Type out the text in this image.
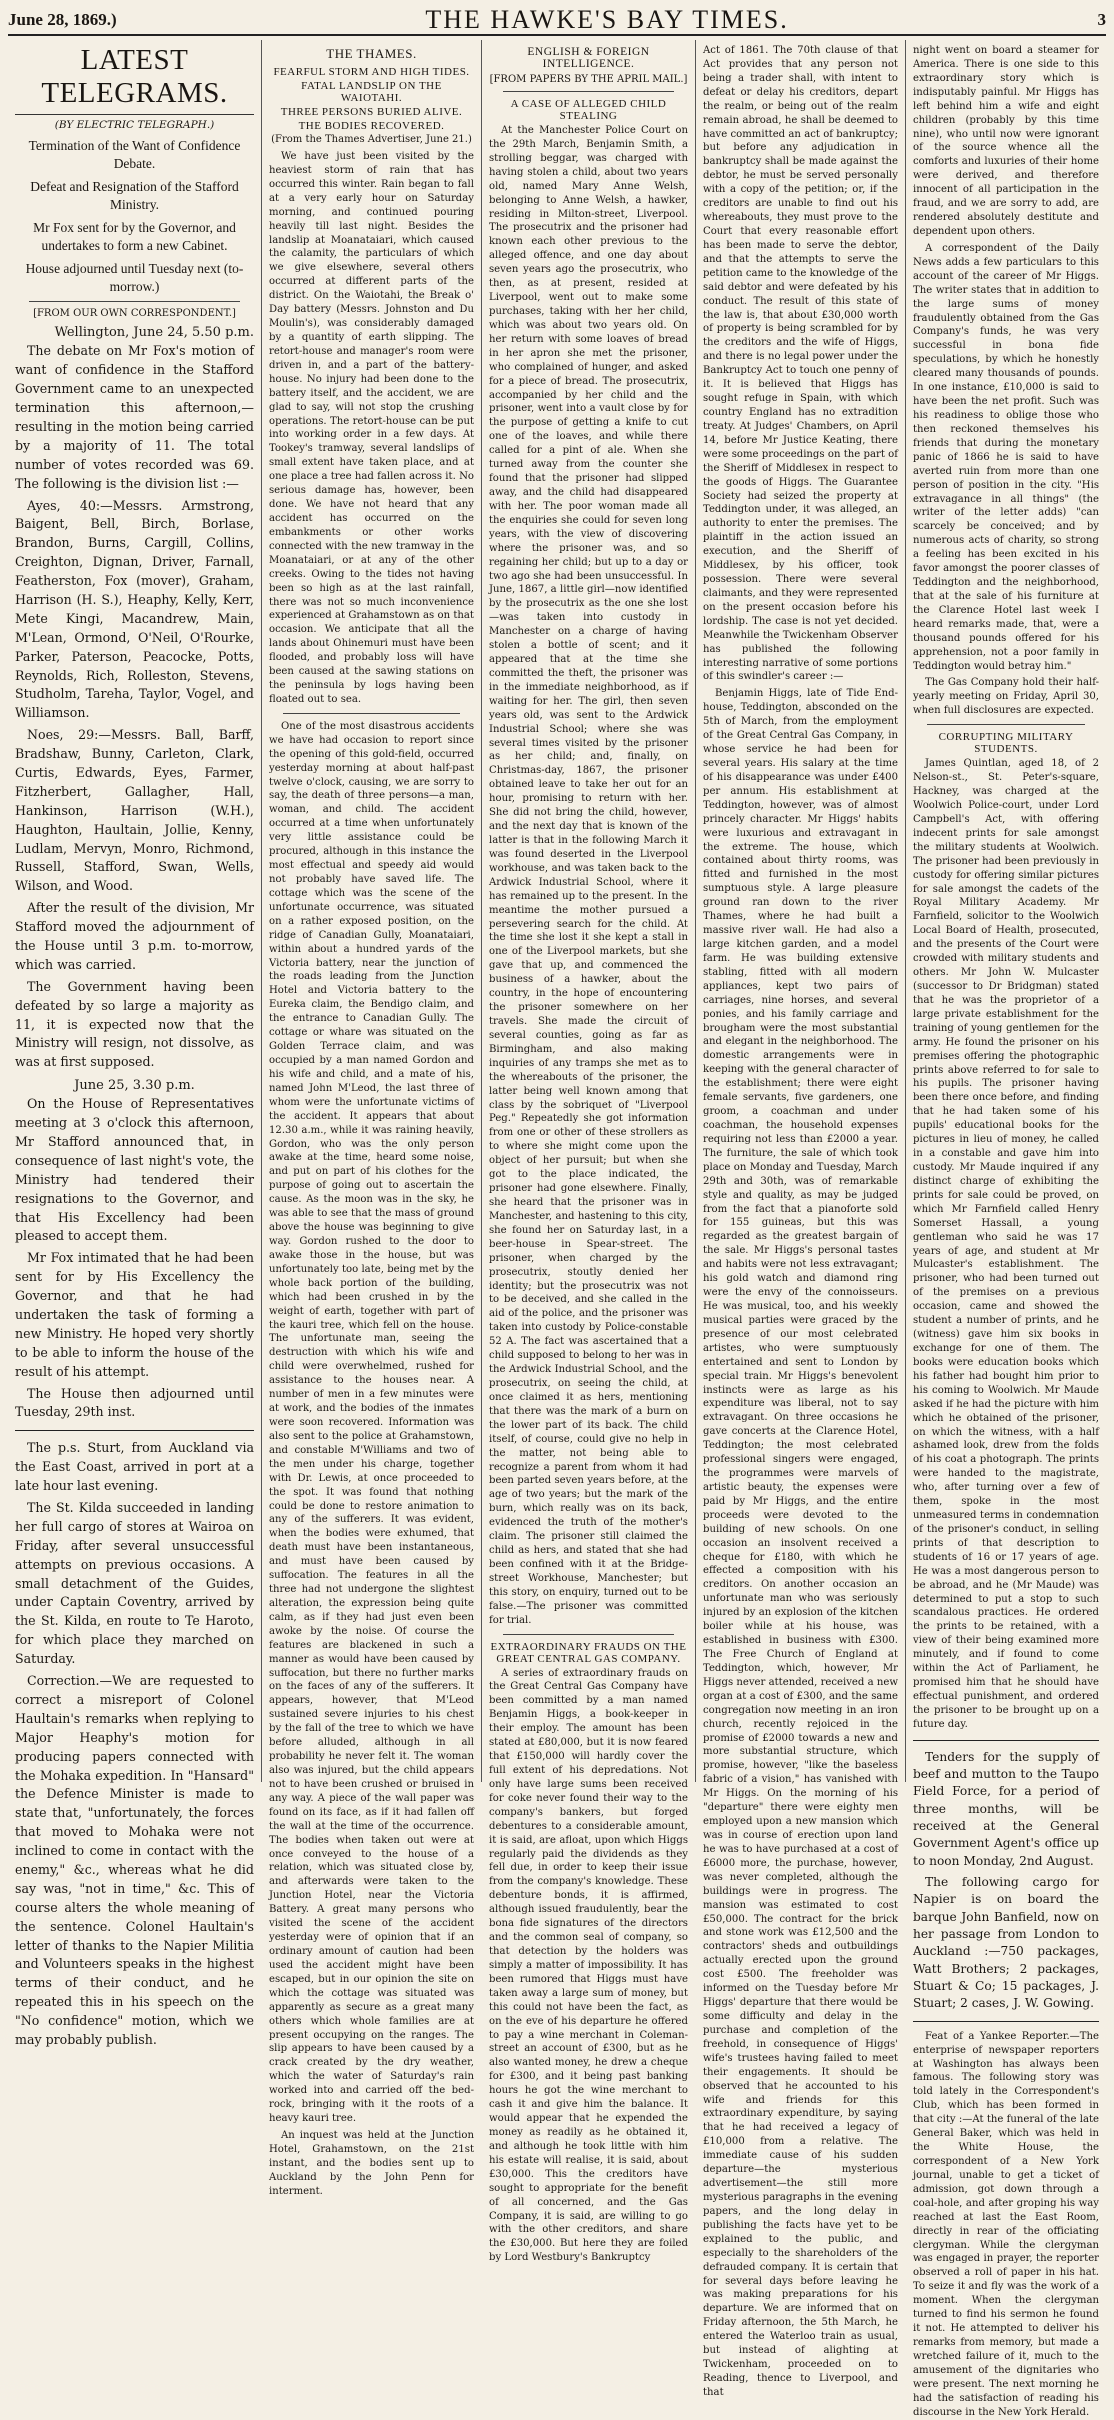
June 28, 1869.)	THE HAWKE'S BAY TIMES.	3
LATEST TELEGRAMS.
(BY ELECTRIC TELEGRAPH.)
Termination of the Want of Confidence Debate.
Defeat and Resignation of the Stafford Ministry.
Mr Fox sent for by the Governor, and undertakes to form a new Cabinet.
House adjourned until Tuesday next (to-morrow.)
[FROM OUR OWN CORRESPONDENT.]
Wellington, June 24, 5.50 p.m.

The debate on Mr Fox's motion of want of confidence in the Stafford Government came to an unexpected termination this afternoon,—resulting in the motion being carried by a majority of 11. The total number of votes recorded was 69. The following is the division list :—

Ayes, 40:—Messrs. Armstrong, Baigent, Bell, Birch, Borlase, Brandon, Burns, Cargill, Collins, Creighton, Dignan, Driver, Farnall, Featherston, Fox (mover), Graham, Harrison (H. S.), Heaphy, Kelly, Kerr, Mete Kingi, Macandrew, Main, M'Lean, Ormond, O'Neil, O'Rourke, Parker, Paterson, Peacocke, Potts, Reynolds, Rich, Rolleston, Stevens, Studholm, Tareha, Taylor, Vogel, and Williamson.

Noes, 29:—Messrs. Ball, Barff, Bradshaw, Bunny, Carleton, Clark, Curtis, Edwards, Eyes, Farmer, Fitzherbert, Gallagher, Hall, Hankinson, Harrison (W.H.), Haughton, Haultain, Jollie, Kenny, Ludlam, Mervyn, Monro, Richmond, Russell, Stafford, Swan, Wells, Wilson, and Wood.

After the result of the division, Mr Stafford moved the adjournment of the House until 3 p.m. to-morrow, which was carried.

The Government having been defeated by so large a majority as 11, it is expected now that the Ministry will resign, not dissolve, as was at first supposed.

June 25, 3.30 p.m.

On the House of Representatives meeting at 3 o'clock this afternoon, Mr Stafford announced that, in consequence of last night's vote, the Ministry had tendered their resignations to the Governor, and that His Excellency had been pleased to accept them.

Mr Fox intimated that he had been sent for by His Excellency the Governor, and that he had undertaken the task of forming a new Ministry. He hoped very shortly to be able to inform the house of the result of his attempt.

The House then adjourned until Tuesday, 29th inst.

The p.s. Sturt, from Auckland via the East Coast, arrived in port at a late hour last evening.

The St. Kilda succeeded in landing her full cargo of stores at Wairoa on Friday, after several unsuccessful attempts on previous occasions. A small detachment of the Guides, under Captain Coventry, arrived by the St. Kilda, en route to Te Haroto, for which place they marched on Saturday.

Correction.—We are requested to correct a misreport of Colonel Haultain's remarks when replying to Major Heaphy's motion for producing papers connected with the Mohaka expedition. In "Hansard" the Defence Minister is made to state that, "unfortunately, the forces that moved to Mohaka were not inclined to come in contact with the enemy," &c., whereas what he did say was, "not in time," &c. This of course alters the whole meaning of the sentence. Colonel Haultain's letter of thanks to the Napier Militia and Volunteers speaks in the highest terms of their conduct, and he repeated this in his speech on the "No confidence" motion, which we may probably publish.

THE THAMES.
FEARFUL STORM AND HIGH TIDES.
FATAL LANDSLIP ON THE WAIOTAHI.
THREE PERSONS BURIED ALIVE.
THE BODIES RECOVERED.
(From the Thames Advertiser, June 21.)

We have just been visited by the heaviest storm of rain that has occurred this winter. Rain began to fall at a very early hour on Saturday morning, and continued pouring heavily till last night. Besides the landslip at Moanataiari, which caused the calamity, the particulars of which we give elsewhere, several others occurred at different parts of the district. On the Waiotahi, the Break o' Day battery (Messrs. Johnston and Du Moulin's), was considerably damaged by a quantity of earth slipping. The retort-house and manager's room were driven in, and a part of the battery-house. No injury had been done to the battery itself, and the accident, we are glad to say, will not stop the crushing operations. The retort-house can be put into working order in a few days. At Tookey's tramway, several landslips of small extent have taken place, and at one place a tree had fallen across it. No serious damage has, however, been done. We have not heard that any accident has occurred on the embankments or other works connected with the new tramway in the Moanataiari, or at any of the other creeks. Owing to the tides not having been so high as at the last rainfall, there was not so much inconvenience experienced at Grahamstown as on that occasion. We anticipate that all the lands about Ohinemuri must have been flooded, and probably loss will have been caused at the sawing stations on the peninsula by logs having been floated out to sea.

One of the most disastrous accidents we have had occasion to report since the opening of this gold-field, occurred yesterday morning at about half-past twelve o'clock, causing, we are sorry to say, the death of three persons—a man, woman, and child. The accident occurred at a time when unfortunately very little assistance could be procured, although in this instance the most effectual and speedy aid would not probably have saved life. The cottage which was the scene of the unfortunate occurrence, was situated on a rather exposed position, on the ridge of Canadian Gully, Moanataiari, within about a hundred yards of the Victoria battery, near the junction of the roads leading from the Junction Hotel and Victoria battery to the Eureka claim, the Bendigo claim, and the entrance to Canadian Gully. The cottage or whare was situated on the Golden Terrace claim, and was occupied by a man named Gordon and his wife and child, and a mate of his, named John M'Leod, the last three of whom were the unfortunate victims of the accident. It appears that about 12.30 a.m., while it was raining heavily, Gordon, who was the only person awake at the time, heard some noise, and put on part of his clothes for the purpose of going out to ascertain the cause. As the moon was in the sky, he was able to see that the mass of ground above the house was beginning to give way. Gordon rushed to the door to awake those in the house, but was unfortunately too late, being met by the whole back portion of the building, which had been crushed in by the weight of earth, together with part of the kauri tree, which fell on the house. The unfortunate man, seeing the destruction with which his wife and child were overwhelmed, rushed for assistance to the houses near. A number of men in a few minutes were at work, and the bodies of the inmates were soon recovered. Information was also sent to the police at Grahamstown, and constable M'Williams and two of the men under his charge, together with Dr. Lewis, at once proceeded to the spot. It was found that nothing could be done to restore animation to any of the sufferers. It was evident, when the bodies were exhumed, that death must have been instantaneous, and must have been caused by suffocation. The features in all the three had not undergone the slightest alteration, the expression being quite calm, as if they had just even been awoke by the noise. Of course the features are blackened in such a manner as would have been caused by suffocation, but there no further marks on the faces of any of the sufferers. It appears, however, that M'Leod sustained severe injuries to his chest by the fall of the tree to which we have before alluded, although in all probability he never felt it. The woman also was injured, but the child appears not to have been crushed or bruised in any way. A piece of the wall paper was found on its face, as if it had fallen off the wall at the time of the occurrence. The bodies when taken out were at once conveyed to the house of a relation, which was situated close by, and afterwards were taken to the Junction Hotel, near the Victoria Battery. A great many persons who visited the scene of the accident yesterday were of opinion that if an ordinary amount of caution had been used the accident might have been escaped, but in our opinion the site on which the cottage was situated was apparently as secure as a great many others which whole families are at present occupying on the ranges. The slip appears to have been caused by a crack created by the dry weather, which the water of Saturday's rain worked into and carried off the bed-rock, bringing with it the roots of a heavy kauri tree.

An inquest was held at the Junction Hotel, Grahamstown, on the 21st instant, and the bodies sent up to Auckland by the John Penn for interment.

ENGLISH & FOREIGN INTELLIGENCE.
[FROM PAPERS BY THE APRIL MAIL.]
A CASE OF ALLEGED CHILD STEALING

At the Manchester Police Court on the 29th March, Benjamin Smith, a strolling beggar, was charged with having stolen a child, about two years old, named Mary Anne Welsh, belonging to Anne Welsh, a hawker, residing in Milton-street, Liverpool. The prosecutrix and the prisoner had known each other previous to the alleged offence, and one day about seven years ago the prosecutrix, who then, as at present, resided at Liverpool, went out to make some purchases, taking with her her child, which was about two years old. On her return with some loaves of bread in her apron she met the prisoner, who complained of hunger, and asked for a piece of bread. The prosecutrix, accompanied by her child and the prisoner, went into a vault close by for the purpose of getting a knife to cut one of the loaves, and while there called for a pint of ale. When she turned away from the counter she found that the prisoner had slipped away, and the child had disappeared with her. The poor woman made all the enquiries she could for seven long years, with the view of discovering where the prisoner was, and so regaining her child; but up to a day or two ago she had been unsuccessful. In June, 1867, a little girl—now identified by the prosecutrix as the one she lost—was taken into custody in Manchester on a charge of having stolen a bottle of scent; and it appeared that at the time she committed the theft, the prisoner was in the immediate neighborhood, as if waiting for her. The girl, then seven years old, was sent to the Ardwick Industrial School; where she was several times visited by the prisoner as her child; and, finally, on Christmas-day, 1867, the prisoner obtained leave to take her out for an hour, promising to return with her. She did not bring the child, however, and the next day that is known of the latter is that in the following March it was found deserted in the Liverpool workhouse, and was taken back to the Ardwick Industrial School, where it has remained up to the present. In the meantime the mother pursued a persevering search for the child. At the time she lost it she kept a stall in one of the Liverpool markets, but she gave that up, and commenced the business of a hawker, about the country, in the hope of encountering the prisoner somewhere on her travels. She made the circuit of several counties, going as far as Birmingham, and also making inquiries of any tramps she met as to the whereabouts of the prisoner, the latter being well known among that class by the sobriquet of "Liverpool Peg." Repeatedly she got information from one or other of these strollers as to where she might come upon the object of her pursuit; but when she got to the place indicated, the prisoner had gone elsewhere. Finally, she heard that the prisoner was in Manchester, and hastening to this city, she found her on Saturday last, in a beer-house in Spear-street. The prisoner, when charged by the prosecutrix, stoutly denied her identity; but the prosecutrix was not to be deceived, and she called in the aid of the police, and the prisoner was taken into custody by Police-constable 52 A. The fact was ascertained that a child supposed to belong to her was in the Ardwick Industrial School, and the prosecutrix, on seeing the child, at once claimed it as hers, mentioning that there was the mark of a burn on the lower part of its back. The child itself, of course, could give no help in the matter, not being able to recognize a parent from whom it had been parted seven years before, at the age of two years; but the mark of the burn, which really was on its back, evidenced the truth of the mother's claim. The prisoner still claimed the child as hers, and stated that she had been confined with it at the Bridge-street Workhouse, Manchester; but this story, on enquiry, turned out to be false.—The prisoner was committed for trial.

EXTRAORDINARY FRAUDS ON THE GREAT CENTRAL GAS COMPANY.

A series of extraordinary frauds on the Great Central Gas Company have been committed by a man named Benjamin Higgs, a book-keeper in their employ. The amount has been stated at £80,000, but it is now feared that £150,000 will hardly cover the full extent of his depredations. Not only have large sums been received for coke never found their way to the company's bankers, but forged debentures to a considerable amount, it is said, are afloat, upon which Higgs regularly paid the dividends as they fell due, in order to keep their issue from the company's knowledge. These debenture bonds, it is affirmed, although issued fraudulently, bear the bona fide signatures of the directors and the common seal of company, so that detection by the holders was simply a matter of impossibility. It has been rumored that Higgs must have taken away a large sum of money, but this could not have been the fact, as on the eve of his departure he offered to pay a wine merchant in Coleman-street an account of £300, but as he also wanted money, he drew a cheque for £300, and it being past banking hours he got the wine merchant to cash it and give him the balance. It would appear that he expended the money as readily as he obtained it, and although he took little with him his estate will realise, it is said, about £30,000. This the creditors have sought to appropriate for the benefit of all concerned, and the Gas Company, it is said, are willing to go with the other creditors, and share the £30,000. But here they are foiled by Lord Westbury's Bankruptcy

Act of 1861. The 70th clause of that Act provides that any person not being a trader shall, with intent to defeat or delay his creditors, depart the realm, or being out of the realm remain abroad, he shall be deemed to have committed an act of bankruptcy; but before any adjudication in bankruptcy shall be made against the debtor, he must be served personally with a copy of the petition; or, if the creditors are unable to find out his whereabouts, they must prove to the Court that every reasonable effort has been made to serve the debtor, and that the attempts to serve the petition came to the knowledge of the said debtor and were defeated by his conduct. The result of this state of the law is, that about £30,000 worth of property is being scrambled for by the creditors and the wife of Higgs, and there is no legal power under the Bankruptcy Act to touch one penny of it. It is believed that Higgs has sought refuge in Spain, with which country England has no extradition treaty. At Judges' Chambers, on April 14, before Mr Justice Keating, there were some proceedings on the part of the Sheriff of Middlesex in respect to the goods of Higgs. The Guarantee Society had seized the property at Teddington under, it was alleged, an authority to enter the premises. The plaintiff in the action issued an execution, and the Sheriff of Middlesex, by his officer, took possession. There were several claimants, and they were represented on the present occasion before his lordship. The case is not yet decided. Meanwhile the Twickenham Observer has published the following interesting narrative of some portions of this swindler's career :—

Benjamin Higgs, late of Tide End-house, Teddington, absconded on the 5th of March, from the employment of the Great Central Gas Company, in whose service he had been for several years. His salary at the time of his disappearance was under £400 per annum. His establishment at Teddington, however, was of almost princely character. Mr Higgs' habits were luxurious and extravagant in the extreme. The house, which contained about thirty rooms, was fitted and furnished in the most sumptuous style. A large pleasure ground ran down to the river Thames, where he had built a massive river wall. He had also a large kitchen garden, and a model farm. He was building extensive stabling, fitted with all modern appliances, kept two pairs of carriages, nine horses, and several ponies, and his family carriage and brougham were the most substantial and elegant in the neighborhood. The domestic arrangements were in keeping with the general character of the establishment; there were eight female servants, five gardeners, one groom, a coachman and under coachman, the household expenses requiring not less than £2000 a year. The furniture, the sale of which took place on Monday and Tuesday, March 29th and 30th, was of remarkable style and quality, as may be judged from the fact that a pianoforte sold for 155 guineas, but this was regarded as the greatest bargain of the sale. Mr Higgs's personal tastes and habits were not less extravagant; his gold watch and diamond ring were the envy of the connoisseurs. He was musical, too, and his weekly musical parties were graced by the presence of our most celebrated artistes, who were sumptuously entertained and sent to London by special train. Mr Higgs's benevolent instincts were as large as his expenditure was liberal, not to say extravagant. On three occasions he gave concerts at the Clarence Hotel, Teddington; the most celebrated professional singers were engaged, the programmes were marvels of artistic beauty, the expenses were paid by Mr Higgs, and the entire proceeds were devoted to the building of new schools. On one occasion an insolvent received a cheque for £180, with which he effected a composition with his creditors. On another occasion an unfortunate man who was seriously injured by an explosion of the kitchen boiler while at his house, was established in business with £300. The Free Church of England at Teddington, which, however, Mr Higgs never attended, received a new organ at a cost of £300, and the same congregation now meeting in an iron church, recently rejoiced in the promise of £2000 towards a new and more substantial structure, which promise, however, "like the baseless fabric of a vision," has vanished with Mr Higgs. On the morning of his "departure" there were eighty men employed upon a new mansion which was in course of erection upon land he was to have purchased at a cost of £6000 more, the purchase, however, was never completed, although the buildings were in progress. The mansion was estimated to cost £50,000. The contract for the brick and stone work was £12,500 and the contractors' sheds and outbuildings actually erected upon the ground cost £500. The freeholder was informed on the Tuesday before Mr Higgs' departure that there would be some difficulty and delay in the purchase and completion of the freehold, in consequence of Higgs' wife's trustees having failed to meet their engagements. It should be observed that he accounted to his wife and friends for this extraordinary expenditure, by saying that he had received a legacy of £10,000 from a relative. The immediate cause of his sudden departure—the mysterious advertisement—the still more mysterious paragraphs in the evening papers, and the long delay in publishing the facts have yet to be explained to the public, and especially to the shareholders of the defrauded company. It is certain that for several days before leaving he was making preparations for his departure. We are informed that on Friday afternoon, the 5th March, he entered the Waterloo train as usual, but instead of alighting at Twickenham, proceeded on to Reading, thence to Liverpool, and that

night went on board a steamer for America. There is one side to this extraordinary story which is indisputably painful. Mr Higgs has left behind him a wife and eight children (probably by this time nine), who until now were ignorant of the source whence all the comforts and luxuries of their home were derived, and therefore innocent of all participation in the fraud, and we are sorry to add, are rendered absolutely destitute and dependent upon others.

A correspondent of the Daily News adds a few particulars to this account of the career of Mr Higgs. The writer states that in addition to the large sums of money fraudulently obtained from the Gas Company's funds, he was very successful in bona fide speculations, by which he honestly cleared many thousands of pounds. In one instance, £10,000 is said to have been the net profit. Such was his readiness to oblige those who then reckoned themselves his friends that during the monetary panic of 1866 he is said to have averted ruin from more than one person of position in the city. "His extravagance in all things" (the writer of the letter adds) "can scarcely be conceived; and by numerous acts of charity, so strong a feeling has been excited in his favor amongst the poorer classes of Teddington and the neighborhood, that at the sale of his furniture at the Clarence Hotel last week I heard remarks made, that, were a thousand pounds offered for his apprehension, not a poor family in Teddington would betray him."

The Gas Company hold their half-yearly meeting on Friday, April 30, when full disclosures are expected.

CORRUPTING MILITARY STUDENTS.

James Quintlan, aged 18, of 2 Nelson-st., St. Peter's-square, Hackney, was charged at the Woolwich Police-court, under Lord Campbell's Act, with offering indecent prints for sale amongst the military students at Woolwich. The prisoner had been previously in custody for offering similar pictures for sale amongst the cadets of the Royal Military Academy. Mr Farnfield, solicitor to the Woolwich Local Board of Health, prosecuted, and the presents of the Court were crowded with military students and others. Mr John W. Mulcaster (successor to Dr Bridgman) stated that he was the proprietor of a large private establishment for the training of young gentlemen for the army. He found the prisoner on his premises offering the photographic prints above referred to for sale to his pupils. The prisoner having been there once before, and finding that he had taken some of his pupils' educational books for the pictures in lieu of money, he called in a constable and gave him into custody. Mr Maude inquired if any distinct charge of exhibiting the prints for sale could be proved, on which Mr Farnfield called Henry Somerset Hassall, a young gentleman who said he was 17 years of age, and student at Mr Mulcaster's establishment. The prisoner, who had been turned out of the premises on a previous occasion, came and showed the student a number of prints, and he (witness) gave him six books in exchange for one of them. The books were education books which his father had bought him prior to his coming to Woolwich. Mr Maude asked if he had the picture with him which he obtained of the prisoner, on which the witness, with a half ashamed look, drew from the folds of his coat a photograph. The prints were handed to the magistrate, who, after turning over a few of them, spoke in the most unmeasured terms in condemnation of the prisoner's conduct, in selling prints of that description to students of 16 or 17 years of age. He was a most dangerous person to be abroad, and he (Mr Maude) was determined to put a stop to such scandalous practices. He ordered the prints to be retained, with a view of their being examined more minutely, and if found to come within the Act of Parliament, he promised him that he should have effectual punishment, and ordered the prisoner to be brought up on a future day.

Tenders for the supply of beef and mutton to the Taupo Field Force, for a period of three months, will be received at the General Government Agent's office up to noon Monday, 2nd August.

The following cargo for Napier is on board the barque John Banfield, now on her passage from London to Auckland :—750 packages, Watt Brothers; 2 packages, Stuart & Co; 15 packages, J. Stuart; 2 cases, J. W. Gowing.

Feat of a Yankee Reporter.—The enterprise of newspaper reporters at Washington has always been famous. The following story was told lately in the Correspondent's Club, which has been formed in that city :—At the funeral of the late General Baker, which was held in the White House, the correspondent of a New York journal, unable to get a ticket of admission, got down through a coal-hole, and after groping his way reached at last the East Room, directly in rear of the officiating clergyman. While the clergyman was engaged in prayer, the reporter observed a roll of paper in his hat. To seize it and fly was the work of a moment. When the clergyman turned to find his sermon he found it not. He attempted to deliver his remarks from memory, but made a wretched failure of it, much to the amusement of the dignitaries who were present. The next morning he had the satisfaction of reading his discourse in the New York Herald.
